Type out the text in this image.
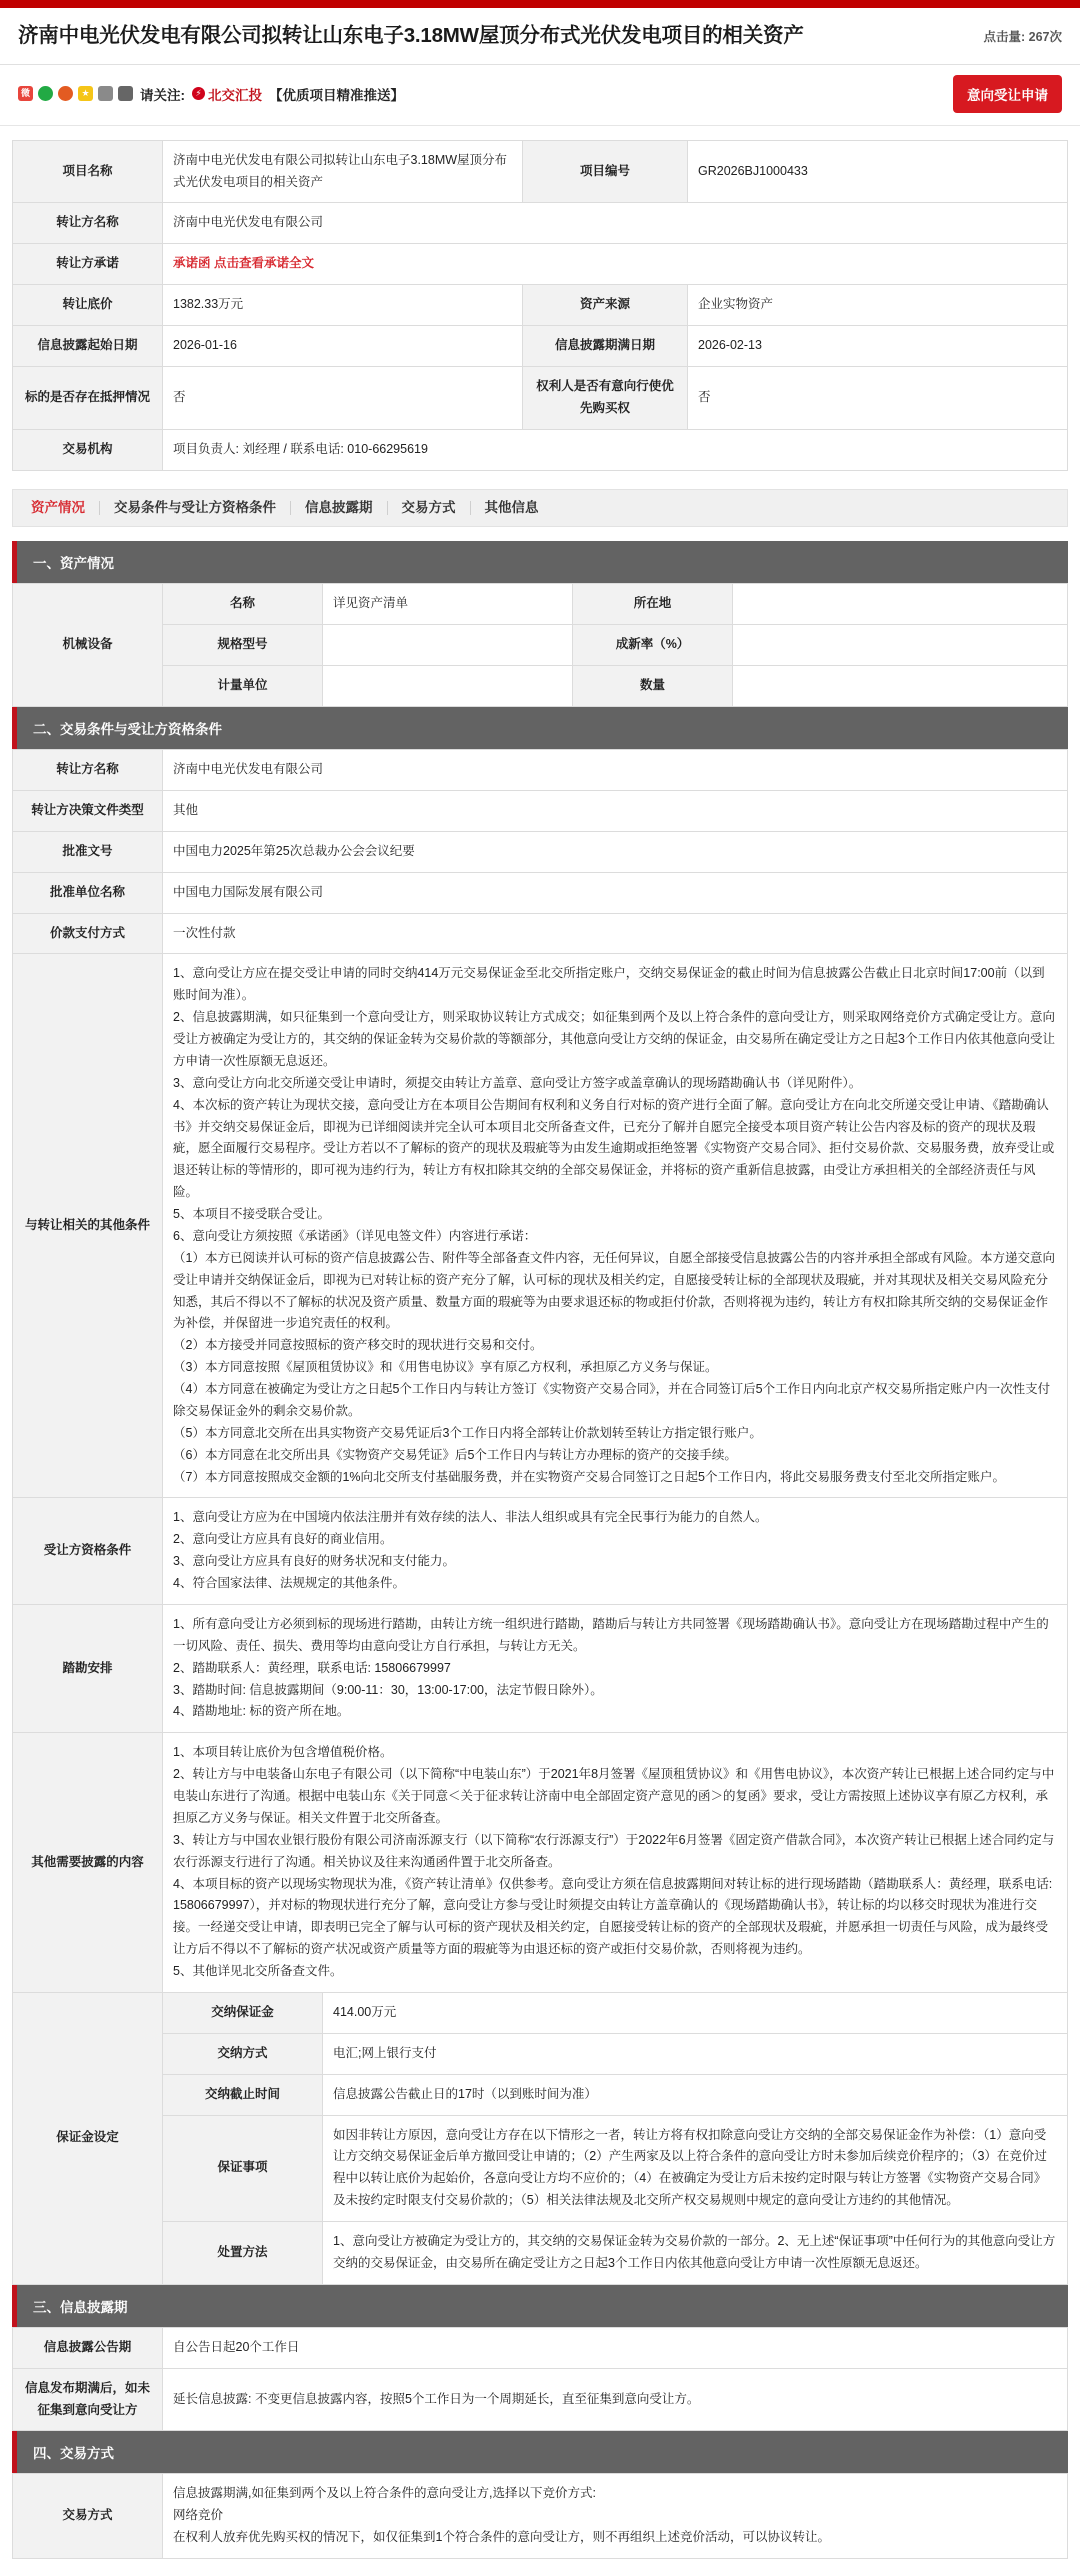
济南中电光伏发电有限公司拟转让山东电子3.18MW屋顶分布式光伏发电项目的相关资产	点击量: 267次
微	★	请关注:	⚡ 北交汇投 【优质项目精准推送】	意向受让申请
项目名称	济南中电光伏发电有限公司拟转让山东电子3.18MW屋顶分布式光伏发电项目的相关资产	项目编号	GR2026BJ1000433
转让方名称	济南中电光伏发电有限公司		
转让方承诺	承诺函 点击查看承诺全文		
转让底价	1382.33万元	资产来源	企业实物资产
信息披露起始日期	2026-01-16	信息披露期满日期	2026-02-13
标的是否存在抵押情况	否	权利人是否有意向行使优先购买权	否
交易机构	项目负责人: 刘经理 / 联系电话: 010-66295619		
资产情况	交易条件与受让方资格条件	信息披露期	交易方式	其他信息
一、资产情况
机械设备	名称	详见资产清单	所在地	
	规格型号		成新率（%）	
	计量单位		数量	
二、交易条件与受让方资格条件
转让方名称	济南中电光伏发电有限公司	
转让方决策文件类型	其他	
批准文号	中国电力2025年第25次总裁办公会会议纪要	
批准单位名称	中国电力国际发展有限公司	
价款支付方式	一次性付款	
与转让相关的其他条件	

1、意向受让方应在提交受让申请的同时交纳414万元交易保证金至北交所指定账户，交纳交易保证金的截止时间为信息披露公告截止日北京时间17:00前（以到账时间为准）。

2、信息披露期满，如只征集到一个意向受让方，则采取协议转让方式成交；如征集到两个及以上符合条件的意向受让方，则采取网络竞价方式确定受让方。意向受让方被确定为受让方的，其交纳的保证金转为交易价款的等额部分，其他意向受让方交纳的保证金，由交易所在确定受让方之日起3个工作日内依其他意向受让方申请一次性原额无息返还。

3、意向受让方向北交所递交受让申请时，须提交由转让方盖章、意向受让方签字或盖章确认的现场踏勘确认书（详见附件）。

4、本次标的资产转让为现状交接，意向受让方在本项目公告期间有权利和义务自行对标的资产进行全面了解。意向受让方在向北交所递交受让申请、《踏勘确认书》并交纳交易保证金后，即视为已详细阅读并完全认可本项目北交所备查文件，已充分了解并自愿完全接受本项目资产转让公告内容及标的资产的现状及瑕疵，愿全面履行交易程序。受让方若以不了解标的资产的现状及瑕疵等为由发生逾期或拒绝签署《实物资产交易合同》、拒付交易价款、交易服务费，放弃受让或退还转让标的等情形的，即可视为违约行为，转让方有权扣除其交纳的全部交易保证金，并将标的资产重新信息披露，由受让方承担相关的全部经济责任与风险。

5、本项目不接受联合受让。

6、意向受让方须按照《承诺函》（详见电签文件）内容进行承诺：

（1）本方已阅读并认可标的资产信息披露公告、附件等全部备查文件内容，无任何异议，自愿全部接受信息披露公告的内容并承担全部或有风险。本方递交意向受让申请并交纳保证金后，即视为已对转让标的资产充分了解，认可标的现状及相关约定，自愿接受转让标的全部现状及瑕疵，并对其现状及相关交易风险充分知悉，其后不得以不了解标的状况及资产质量、数量方面的瑕疵等为由要求退还标的物或拒付价款，否则将视为违约，转让方有权扣除其所交纳的交易保证金作为补偿，并保留进一步追究责任的权利。

（2）本方接受并同意按照标的资产移交时的现状进行交易和交付。

（3）本方同意按照《屋顶租赁协议》和《用售电协议》享有原乙方权利，承担原乙方义务与保证。

（4）本方同意在被确定为受让方之日起5个工作日内与转让方签订《实物资产交易合同》，并在合同签订后5个工作日内向北京产权交易所指定账户内一次性支付除交易保证金外的剩余交易价款。

（5）本方同意北交所在出具实物资产交易凭证后3个工作日内将全部转让价款划转至转让方指定银行账户。

（6）本方同意在北交所出具《实物资产交易凭证》后5个工作日内与转让方办理标的资产的交接手续。

（7）本方同意按照成交金额的1%向北交所支付基础服务费，并在实物资产交易合同签订之日起5个工作日内，将此交易服务费支付至北交所指定账户。

受让方资格条件	1、意向受让方应为在中国境内依法注册并有效存续的法人、非法人组织或具有完全民事行为能力的自然人。

2、意向受让方应具有良好的商业信用。

3、意向受让方应具有良好的财务状况和支付能力。

4、符合国家法律、法规规定的其他条件。	

踏勘安排	1、所有意向受让方必须到标的现场进行踏勘，由转让方统一组织进行踏勘，踏勘后与转让方共同签署《现场踏勘确认书》。意向受让方在现场踏勘过程中产生的一切风险、责任、损失、费用等均由意向受让方自行承担，与转让方无关。

2、踏勘联系人：黄经理，联系电话: 15806679997

3、踏勘时间: 信息披露期间（9:00-11：30，13:00-17:00，法定节假日除外）。

4、踏勘地址: 标的资产所在地。	

其他需要披露的内容	1、本项目转让底价为包含增值税价格。

2、转让方与中电装备山东电子有限公司（以下简称“中电装山东”）于2021年8月签署《屋顶租赁协议》和《用售电协议》，本次资产转让已根据上述合同约定与中电装山东进行了沟通。根据中电装山东《关于同意＜关于征求转让济南中电全部固定资产意见的函＞的复函》要求，受让方需按照上述协议享有原乙方权利，承担原乙方义务与保证。相关文件置于北交所备查。

3、转让方与中国农业银行股份有限公司济南泺源支行（以下简称“农行泺源支行”）于2022年6月签署《固定资产借款合同》，本次资产转让已根据上述合同约定与农行泺源支行进行了沟通。相关协议及往来沟通函件置于北交所备查。

4、本项目标的资产以现场实物现状为准，《资产转让清单》仅供参考。意向受让方须在信息披露期间对转让标的进行现场踏勘（踏勘联系人：黄经理，联系电话: 15806679997），并对标的物现状进行充分了解，意向受让方参与受让时须提交由转让方盖章确认的《现场踏勘确认书》，转让标的均以移交时现状为准进行交接。一经递交受让申请，即表明已完全了解与认可标的资产现状及相关约定，自愿接受转让标的资产的全部现状及瑕疵，并愿承担一切责任与风险，成为最终受让方后不得以不了解标的资产状况或资产质量等方面的瑕疵等为由退还标的资产或拒付交易价款，否则将视为违约。

5、其他详见北交所备查文件。	

保证金设定	交纳保证金	414.00万元
	交纳方式	电汇;网上银行支付
	交纳截止时间	信息披露公告截止日的17时（以到账时间为准）
	保证事项	如因非转让方原因，意向受让方存在以下情形之一者，转让方将有权扣除意向受让方交纳的全部交易保证金作为补偿：（1）意向受让方交纳交易保证金后单方撤回受让申请的；（2）产生两家及以上符合条件的意向受让方时未参加后续竞价程序的；（3）在竞价过程中以转让底价为起始价，各意向受让方均不应价的；（4）在被确定为受让方后未按约定时限与转让方签署《实物资产交易合同》及未按约定时限支付交易价款的；（5）相关法律法规及北交所产权交易规则中规定的意向受让方违约的其他情况。
	处置方法	1、意向受让方被确定为受让方的，其交纳的交易保证金转为交易价款的一部分。2、无上述“保证事项”中任何行为的其他意向受让方交纳的交易保证金，由交易所在确定受让方之日起3个工作日内依其他意向受让方申请一次性原额无息返还。
三、信息披露期
信息披露公告期	自公告日起20个工作日
信息发布期满后，如未征集到意向受让方	延长信息披露: 不变更信息披露内容，按照5个工作日为一个周期延长，直至征集到意向受让方。
四、交易方式
交易方式	

信息披露期满,如征集到两个及以上符合条件的意向受让方,选择以下竞价方式:

网络竞价

在权利人放弃优先购买权的情况下，如仅征集到1个符合条件的意向受让方，则不再组织上述竞价活动，可以协议转让。
